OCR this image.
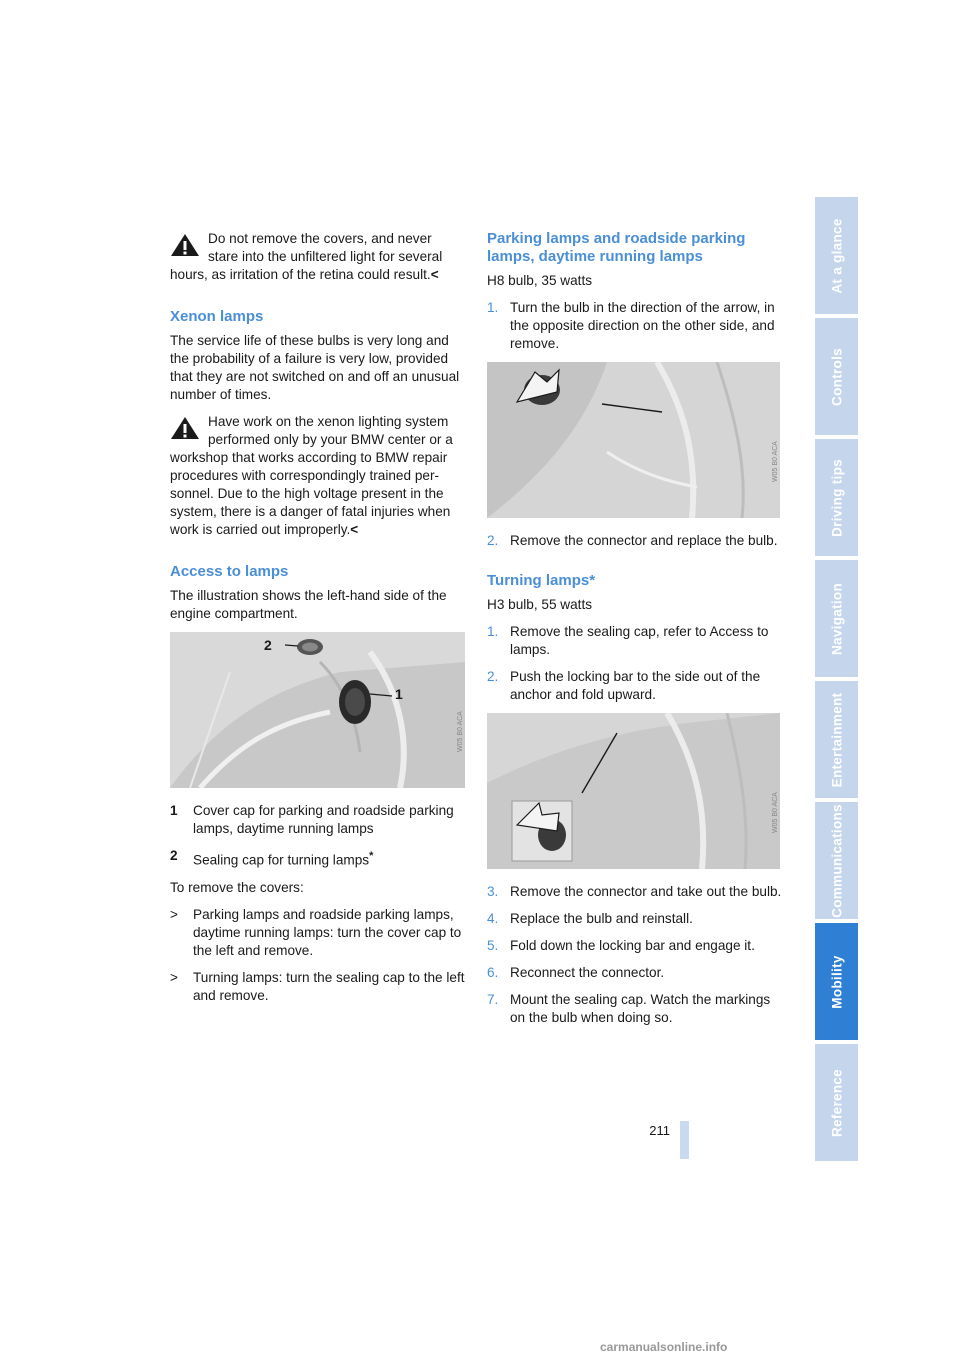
Do not remove the covers, and never
stare into the unfiltered light for several hours, as irritation of the retina could result.<
Xenon lamps

The service life of these bulbs is very long and the probability of a failure is very low, provided that they are not switched on and off an unusual number of times.

Have work on the xenon lighting system
performed only by your BMW center or a workshop that works according to BMW repair procedures with correspondingly trained per-sonnel. Due to the high voltage present in the system, there is a danger of fatal injuries when work is carried out improperly.<
Access to lamps

The illustration shows the left-hand side of the engine compartment.

1
2
W05 B0 ACA
1 Cover cap for parking and roadside parking lamps, daytime running lamps
2 Sealing cap for turning lamps*

To remove the covers:

> Parking lamps and roadside parking lamps, daytime running lamps: turn the cover cap to the left and remove.
> Turning lamps: turn the sealing cap to the left and remove.
Parking lamps and roadside parking lamps, daytime running lamps

H8 bulb, 35 watts

1. Turn the bulb in the direction of the arrow, in the opposite direction on the other side, and remove.
W05 B0 ACA
2. Remove the connector and replace the bulb.
Turning lamps*

H3 bulb, 55 watts

1. Remove the sealing cap, refer to Access to lamps.
2. Push the locking bar to the side out of the anchor and fold upward.
W05 B0 ACA
3. Remove the connector and take out the bulb.
4. Replace the bulb and reinstall.
5. Fold down the locking bar and engage it.
6. Reconnect the connector.
7. Mount the sealing cap. Watch the markings on the bulb when doing so.
211
At a glance
Controls
Driving tips
Navigation
Entertainment
Communications
Mobility
Reference
carmanualsonline.info
